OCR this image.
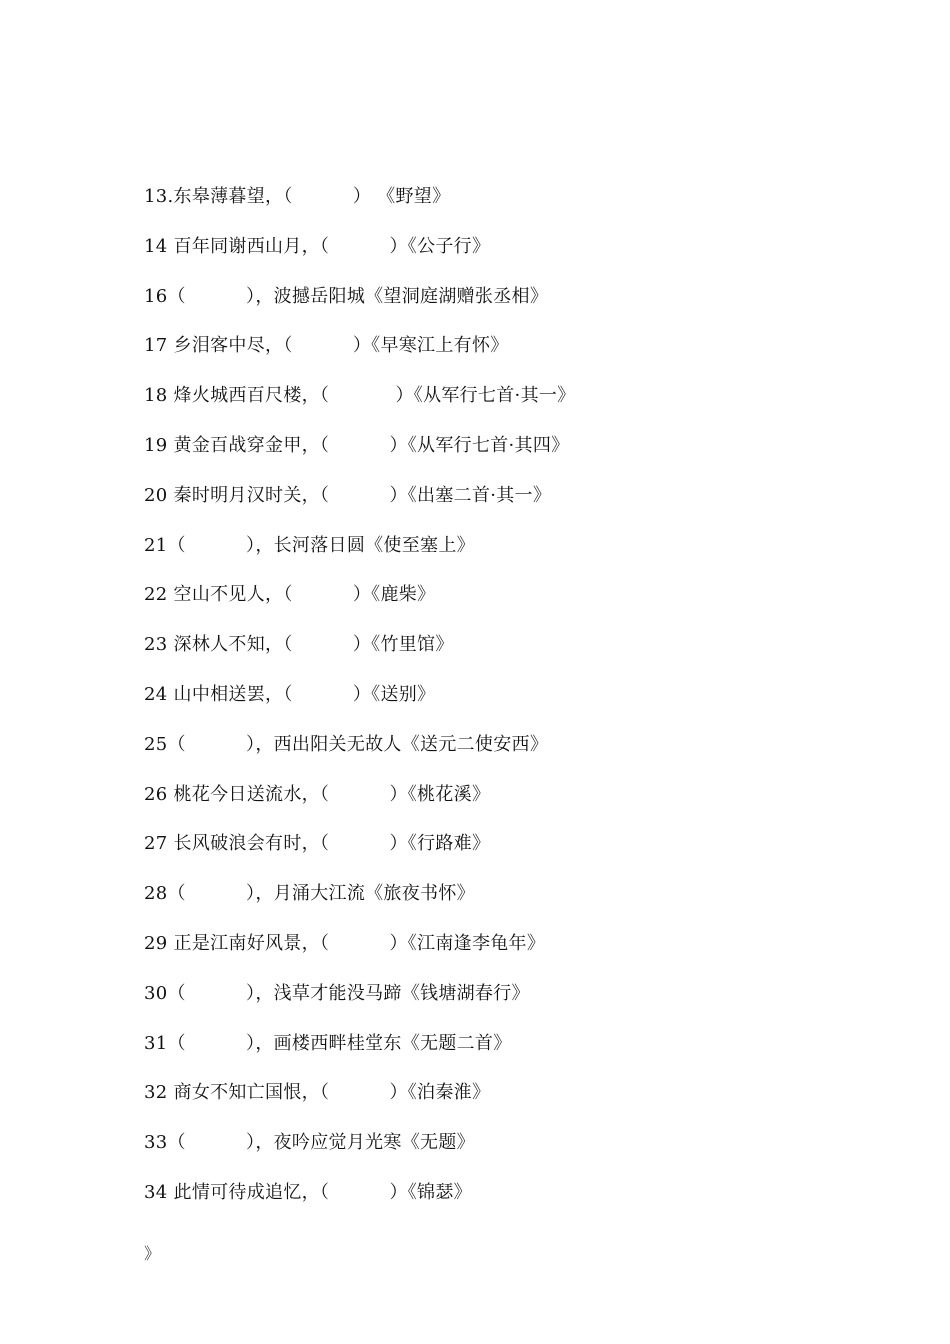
13.东皋薄暮望，（          ） 《野望》
14 百年同谢西山月，（          ）《公子行》
16（          ），波撼岳阳城《望洞庭湖赠张丞相》
17 乡泪客中尽，（          ）《早寒江上有怀》
18 烽火城西百尺楼，（           ）《从军行七首·其一》
19 黄金百战穿金甲，（          ）《从军行七首·其四》
20 秦时明月汉时关，（          ）《出塞二首·其一》
21（          ），长河落日圆《使至塞上》
22 空山不见人，（          ）《鹿柴》
23 深林人不知，（          ）《竹里馆》
24 山中相送罢，（          ）《送别》
25（          ），西出阳关无故人《送元二使安西》
26 桃花今日送流水，（          ）《桃花溪》
27 长风破浪会有时，（          ）《行路难》
28（          ），月涌大江流《旅夜书怀》
29 正是江南好风景，（          ）《江南逢李龟年》
30（          ），浅草才能没马蹄《钱塘湖春行》
31（          ），画楼西畔桂堂东《无题二首》
32 商女不知亡国恨，（          ）《泊秦淮》
33（          ），夜吟应觉月光寒《无题》
34 此情可待成追忆，（          ）《锦瑟》
》
